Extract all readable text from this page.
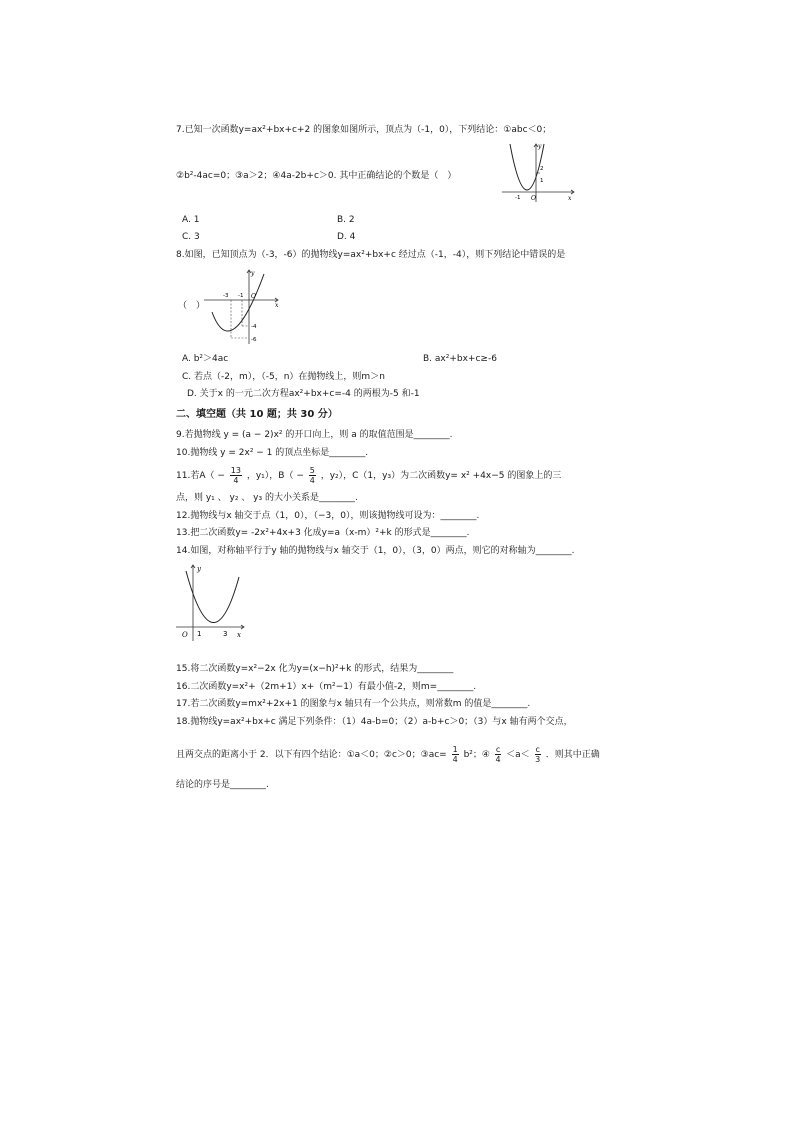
7.已知一次函数y=ax²+bx+c+2 的图象如图所示，顶点为（-1，0），下列结论：①abc＜0；
②b²-4ac=0；③a＞2；④4a-2b+c＞0. 其中正确结论的个数是（　）
y
x
O
-1
2
1
A. 1	B. 2
C. 3	D. 4
8.如图，已知顶点为（-3，-6）的抛物线y=ax²+bx+c 经过点（-1，-4），则下列结论中错误的是
（　）
y
x
O
-3 -1
-4
-6
A. b²＞4ac	B. ax²+bx+c≥-6
C. 若点（-2，m），（-5，n）在抛物线上，则m＞n
D. 关于x 的一元二次方程ax²+bx+c=-4 的两根为-5 和-1
二、填空题（共 10 题；共 30 分）
9.若抛物线 y = (a − 2)x² 的开口向上，则 a 的取值范围是________.
10.抛物线 y = 2x² − 1 的顶点坐标是________.
11.若$A( - \frac{13}{4}$ ，y₁），$B( - \frac{5}{4}$ ，y₂），C（1，y₃）为二次函数y= x² +4x−5 的图象上的三
点，则 y₁ 、 y₂ 、 y₃ 的大小关系是________.
12.抛物线与x 轴交于点（1，0），（−3，0），则该抛物线可设为：________.
13.把二次函数y= -2x²+4x+3 化成y=a（x-m）²+k 的形式是________.
14.如图，对称轴平行于y 轴的抛物线与x 轴交于（1，0），（3，0）两点，则它的对称轴为________.
y
x
O 1	3
15.将二次函数y=x²−2x 化为y=(x−h)²+k 的形式，结果为________
16.二次函数y=x²+（2m+1）x+（m²−1）有最小值-2，则m=________.
17.若二次函数y=mx²+2x+1 的图象与x 轴只有一个公共点，则常数m 的值是________.
18.抛物线y=ax²+bx+c 满足下列条件：（1）4a-b=0；（2）a-b+c＞0；（3）与x 轴有两个交点，
且两交点的距离小于 2．以下有四个结论：①a＜0；②c＞0；③ac= $\frac{1}{4} b^2$；④ $\frac{c}{4} <a< \frac{c}{3}$ ．则其中正确
结论的序号是________.
